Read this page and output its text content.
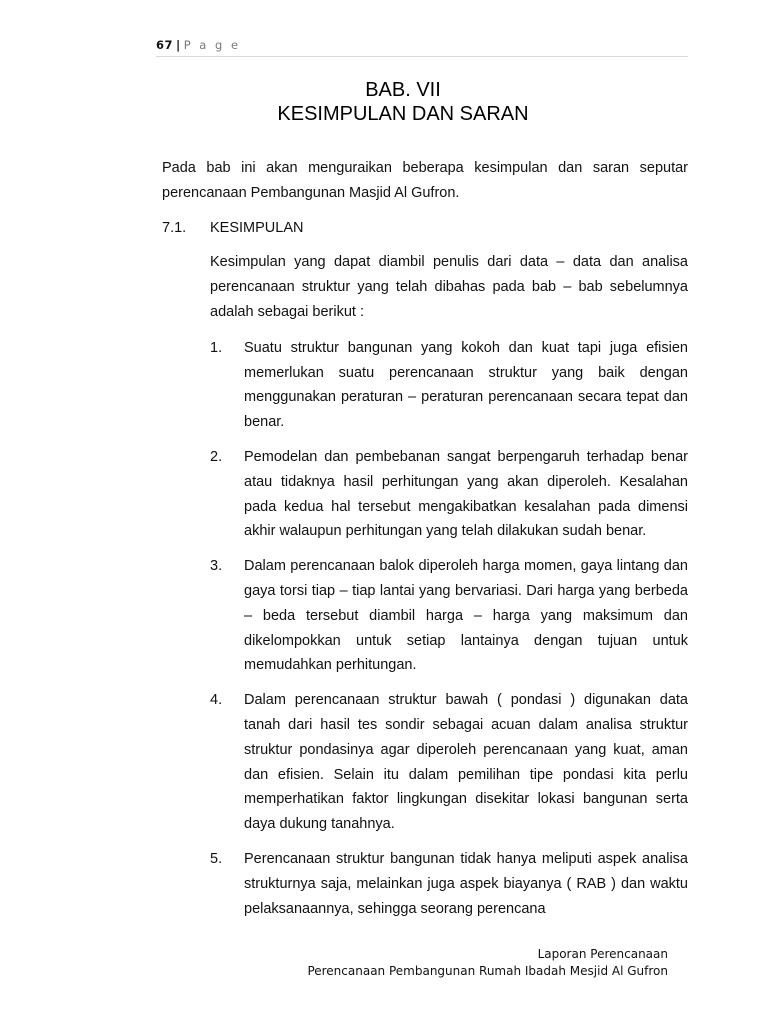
67 | P a g e
BAB. VII
KESIMPULAN DAN SARAN

Pada bab ini akan menguraikan beberapa kesimpulan dan saran seputar perencanaan Pembangunan Masjid Al Gufron.

7.1.	KESIMPULAN

Kesimpulan yang dapat diambil penulis dari data – data dan analisa perencanaan struktur yang telah dibahas pada bab – bab sebelumnya adalah sebagai berikut :

1.	Suatu struktur bangunan yang kokoh dan kuat tapi juga efisien memerlukan suatu perencanaan struktur yang baik dengan menggunakan peraturan – peraturan perencanaan secara tepat dan benar.
2.	Pemodelan dan pembebanan sangat berpengaruh terhadap benar atau tidaknya hasil perhitungan yang akan diperoleh. Kesalahan pada kedua hal tersebut mengakibatkan kesalahan pada dimensi akhir walaupun perhitungan yang telah dilakukan sudah benar.
3.	Dalam perencanaan balok diperoleh harga momen, gaya lintang dan gaya torsi tiap – tiap lantai yang bervariasi. Dari harga yang berbeda – beda tersebut diambil harga – harga yang maksimum dan dikelompokkan untuk setiap lantainya dengan tujuan untuk memudahkan perhitungan.
4.	Dalam perencanaan struktur bawah ( pondasi ) digunakan data tanah dari hasil tes sondir sebagai acuan dalam analisa struktur struktur pondasinya agar diperoleh perencanaan yang kuat, aman dan efisien. Selain itu dalam pemilihan tipe pondasi kita perlu memperhatikan faktor lingkungan disekitar lokasi bangunan serta daya dukung tanahnya.
5.	Perencanaan struktur bangunan tidak hanya meliputi aspek analisa strukturnya saja, melainkan juga aspek biayanya ( RAB ) dan waktu pelaksanaannya, sehingga seorang perencana
Laporan Perencanaan
Perencanaan Pembangunan Rumah Ibadah Mesjid Al Gufron
